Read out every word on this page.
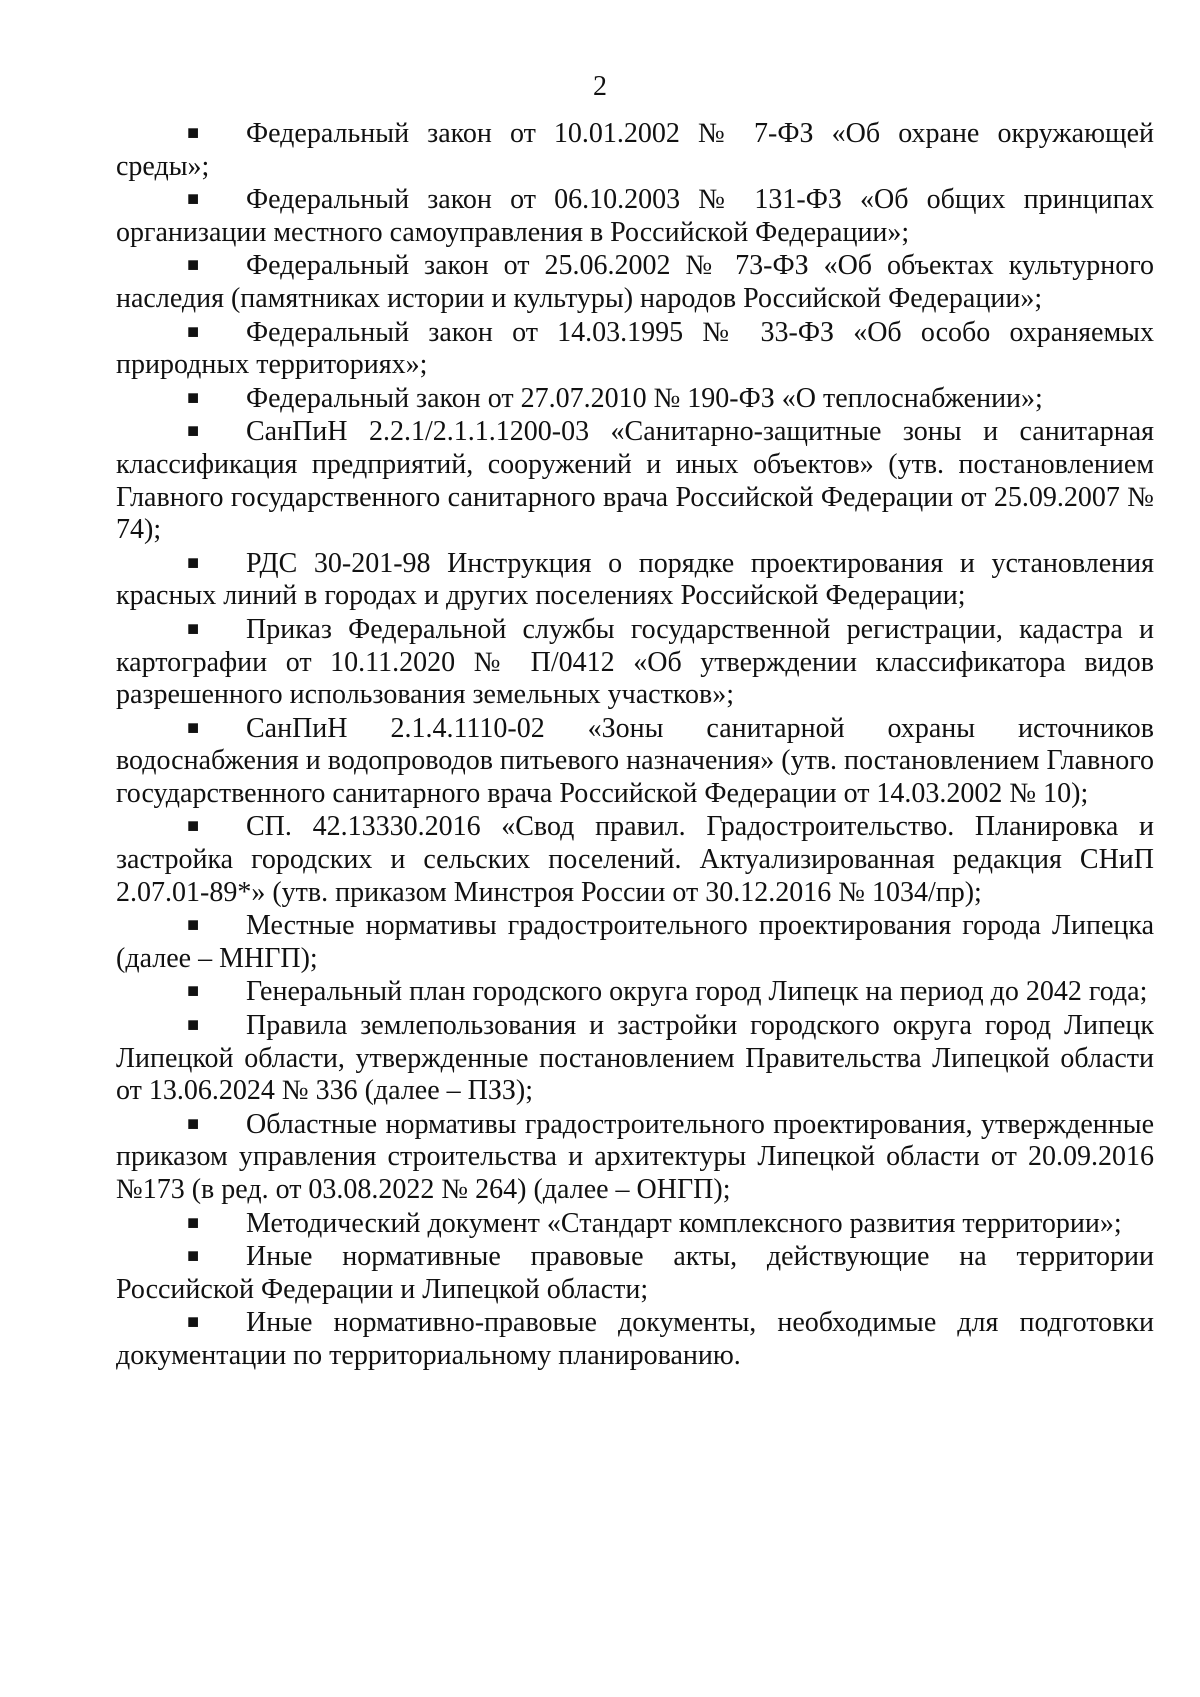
2

■ Федеральный закон от 10.01.2002 № 7-ФЗ «Об охране окружающей среды»;

■ Федеральный закон от 06.10.2003 № 131-ФЗ «Об общих принципах организации местного самоуправления в Российской Федерации»;

■ Федеральный закон от 25.06.2002 № 73-ФЗ «Об объектах культурного наследия (памятниках истории и культуры) народов Российской Федерации»;

■ Федеральный закон от 14.03.1995 № 33-ФЗ «Об особо охраняемых природных территориях»;

■ Федеральный закон от 27.07.2010 № 190-ФЗ «О теплоснабжении»;

■ СанПиН 2.2.1/2.1.1.1200-03 «Санитарно-защитные зоны и санитарная классификация предприятий, сооружений и иных объектов» (утв. постановлением Главного государственного санитарного врача Российской Федерации от 25.09.2007 № 74);

■ РДС 30-201-98 Инструкция о порядке проектирования и установления красных линий в городах и других поселениях Российской Федерации;

■ Приказ Федеральной службы государственной регистрации, кадастра и картографии от 10.11.2020 № П/0412 «Об утверждении классификатора видов разрешенного использования земельных участков»;

■ СанПиН 2.1.4.1110-02 «Зоны санитарной охраны источников водоснабжения и водопроводов питьевого назначения» (утв. постановлением Главного государственного санитарного врача Российской Федерации от 14.03.2002 № 10);

■ СП. 42.13330.2016 «Свод правил. Градостроительство. Планировка и застройка городских и сельских поселений. Актуализированная редакция СНиП 2.07.01-89*» (утв. приказом Минстроя России от 30.12.2016 № 1034/пр);

■ Местные нормативы градостроительного проектирования города Липецка (далее – МНГП);

■ Генеральный план городского округа город Липецк на период до 2042 года;

■ Правила землепользования и застройки городского округа город Липецк Липецкой области, утвержденные постановлением Правительства Липецкой области от 13.06.2024 № 336 (далее – ПЗЗ);

■ Областные нормативы градостроительного проектирования, утвержденные приказом управления строительства и архитектуры Липецкой области от 20.09.2016 №173 (в ред. от 03.08.2022 № 264) (далее – ОНГП);

■ Методический документ «Стандарт комплексного развития территории»;

■ Иные нормативные правовые акты, действующие на территории Российской Федерации и Липецкой области;

■ Иные нормативно-правовые документы, необходимые для подготовки документации по территориальному планированию.
